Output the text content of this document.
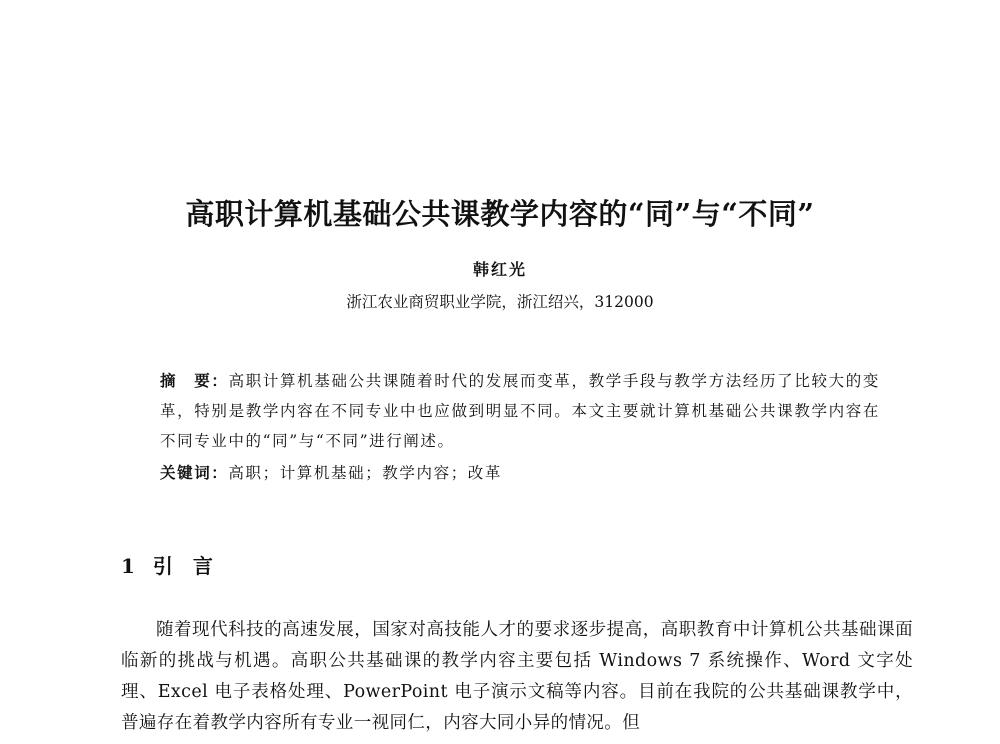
高职计算机基础公共课教学内容的“同”与“不同”
韩红光
浙江农业商贸职业学院，浙江绍兴，312000
摘　要：高职计算机基础公共课随着时代的发展而变革，教学手段与教学方法经历了比较大的变革，特别是教学内容在不同专业中也应做到明显不同。本文主要就计算机基础公共课教学内容在不同专业中的“同”与“不同”进行阐述。
关键词：高职；计算机基础；教学内容；改革
1 引言
随着现代科技的高速发展，国家对高技能人才的要求逐步提高，高职教育中计算机公共基础课面临新的挑战与机遇。高职公共基础课的教学内容主要包括 Windows 7 系统操作、Word 文字处理、Excel 电子表格处理、PowerPoint 电子演示文稿等内容。目前在我院的公共基础课教学中，普遍存在着教学内容所有专业一视同仁，内容大同小异的情况。但
